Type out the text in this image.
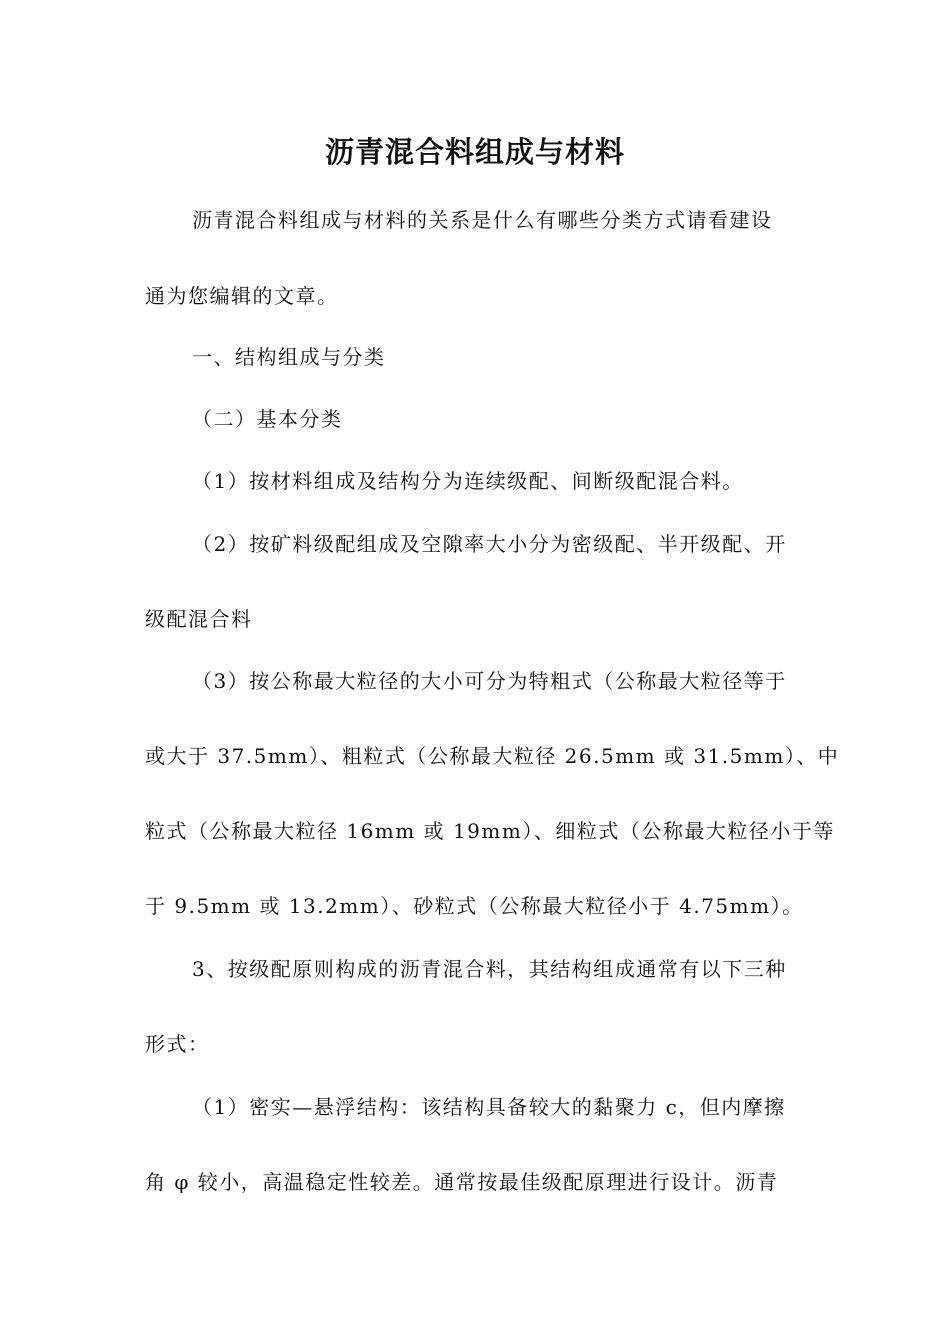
沥青混合料组成与材料
沥青混合料组成与材料的关系是什么有哪些分类方式请看建设
通为您编辑的文章。
一、结构组成与分类
（二）基本分类
（1）按材料组成及结构分为连续级配、间断级配混合料。
（2）按矿料级配组成及空隙率大小分为密级配、半开级配、开
级配混合料
（3）按公称最大粒径的大小可分为特粗式（公称最大粒径等于
或大于 37.5mm）、粗粒式（公称最大粒径 26.5mm 或 31.5mm）、中
粒式（公称最大粒径 16mm 或 19mm）、细粒式（公称最大粒径小于等
于 9.5mm 或 13.2mm）、砂粒式（公称最大粒径小于 4.75mm）。
3、按级配原则构成的沥青混合料，其结构组成通常有以下三种
形式：
（1）密实—悬浮结构：该结构具备较大的黏聚力 c，但内摩擦
角 φ 较小，高温稳定性较差。通常按最佳级配原理进行设计。沥青
